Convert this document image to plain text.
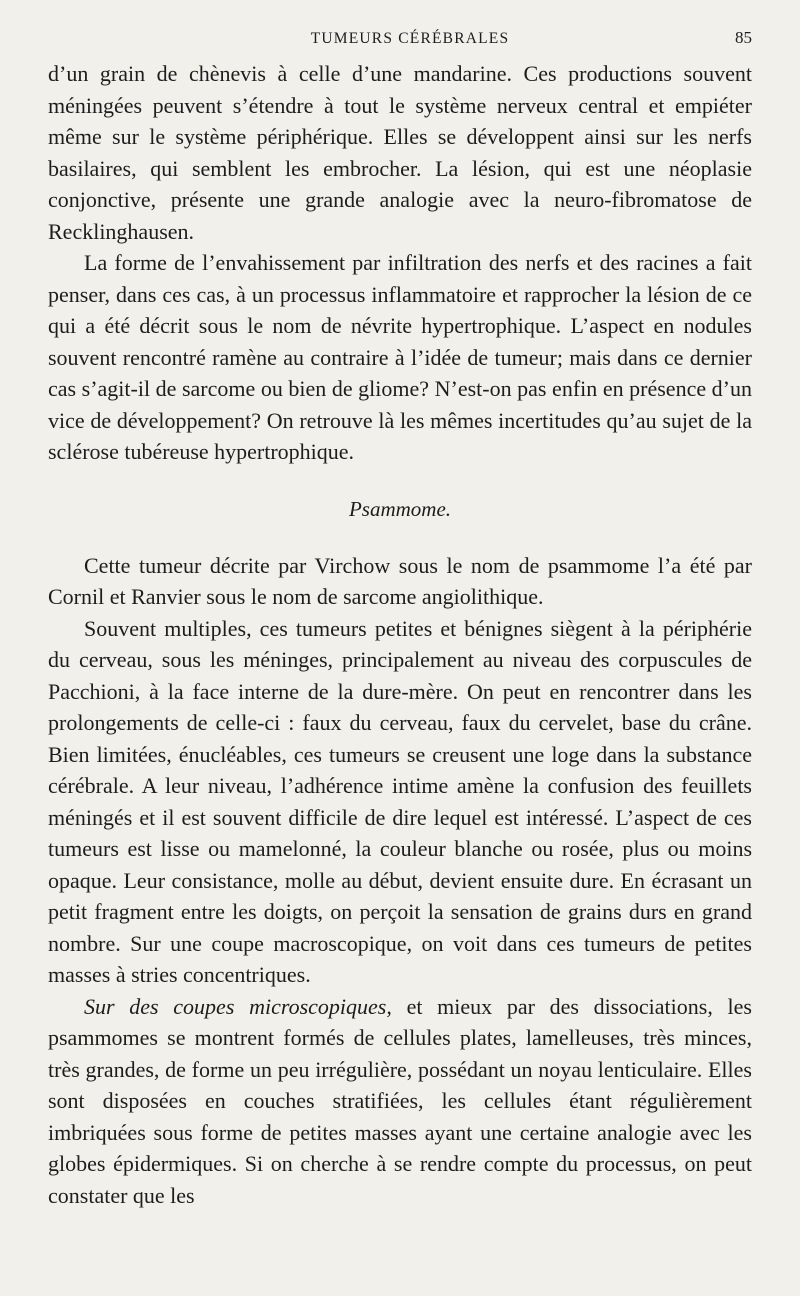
TUMEURS CÉRÉBRALES	85

d’un grain de chènevis à celle d’une mandarine. Ces productions souvent méningées peuvent s’étendre à tout le système nerveux central et empiéter même sur le système périphérique. Elles se développent ainsi sur les nerfs basilaires, qui semblent les embrocher. La lésion, qui est une néoplasie conjonctive, présente une grande analogie avec la neuro-fibromatose de Recklinghausen.

La forme de l’envahissement par infiltration des nerfs et des racines a fait penser, dans ces cas, à un processus inflammatoire et rapprocher la lésion de ce qui a été décrit sous le nom de névrite hypertrophique. L’aspect en nodules souvent rencontré ramène au contraire à l’idée de tumeur; mais dans ce dernier cas s’agit-il de sarcome ou bien de gliome? N’est-on pas enfin en présence d’un vice de développement? On retrouve là les mêmes incertitudes qu’au sujet de la sclérose tubéreuse hypertrophique.

Psammome.

Cette tumeur décrite par Virchow sous le nom de psammome l’a été par Cornil et Ranvier sous le nom de sarcome angiolithique.

Souvent multiples, ces tumeurs petites et bénignes siègent à la périphérie du cerveau, sous les méninges, principalement au niveau des corpuscules de Pacchioni, à la face interne de la dure-mère. On peut en rencontrer dans les prolongements de celle-ci : faux du cerveau, faux du cervelet, base du crâne. Bien limitées, énucléables, ces tumeurs se creusent une loge dans la substance cérébrale. A leur niveau, l’adhérence intime amène la confusion des feuillets méningés et il est souvent difficile de dire lequel est intéressé. L’aspect de ces tumeurs est lisse ou mamelonné, la couleur blanche ou rosée, plus ou moins opaque. Leur consistance, molle au début, devient ensuite dure. En écrasant un petit fragment entre les doigts, on perçoit la sensation de grains durs en grand nombre. Sur une coupe macroscopique, on voit dans ces tumeurs de petites masses à stries concentriques.

Sur des coupes microscopiques, et mieux par des dissociations, les psammomes se montrent formés de cellules plates, lamelleuses, très minces, très grandes, de forme un peu irrégulière, possédant un noyau lenticulaire. Elles sont disposées en couches stratifiées, les cellules étant régulièrement imbriquées sous forme de petites masses ayant une certaine analogie avec les globes épidermiques. Si on cherche à se rendre compte du processus, on peut constater que les
